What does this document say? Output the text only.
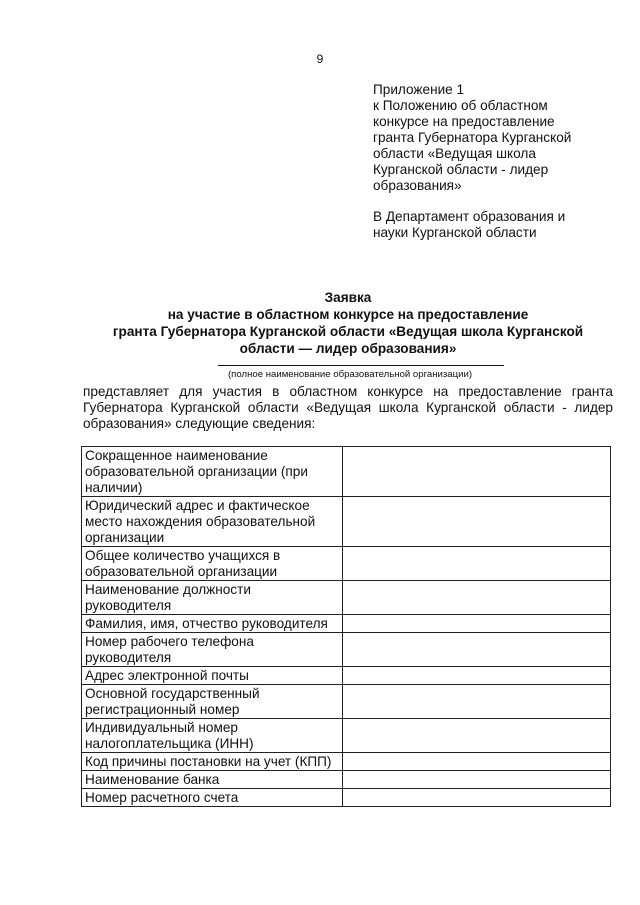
9
Приложение 1
к Положению об областном
конкурсе на предоставление
гранта Губернатора Курганской
области «Ведущая школа
Курганской области - лидер
образования»
В Департамент образования и
науки Курганской области
Заявка
на участие в областном конкурсе на предоставление
гранта Губернатора Курганской области «Ведущая школа Курганской
области — лидер образования»
(полное наименование образовательной организации)
представляет для участия в областном конкурсе на предоставление гранта
Губернатора Курганской области «Ведущая школа Курганской области - лидер
образования» следующие сведения:
Сокращенное наименование образовательной организации (при наличии)	
Юридический адрес и фактическое место нахождения образовательной организации	
Общее количество учащихся в образовательной организации	
Наименование должности руководителя	
Фамилия, имя, отчество руководителя	
Номер рабочего телефона руководителя	
Адрес электронной почты	
Основной государственный регистрационный номер	
Индивидуальный номер налогоплательщика (ИНН)	
Код причины постановки на учет (КПП)	
Наименование банка	
Номер расчетного счета	
